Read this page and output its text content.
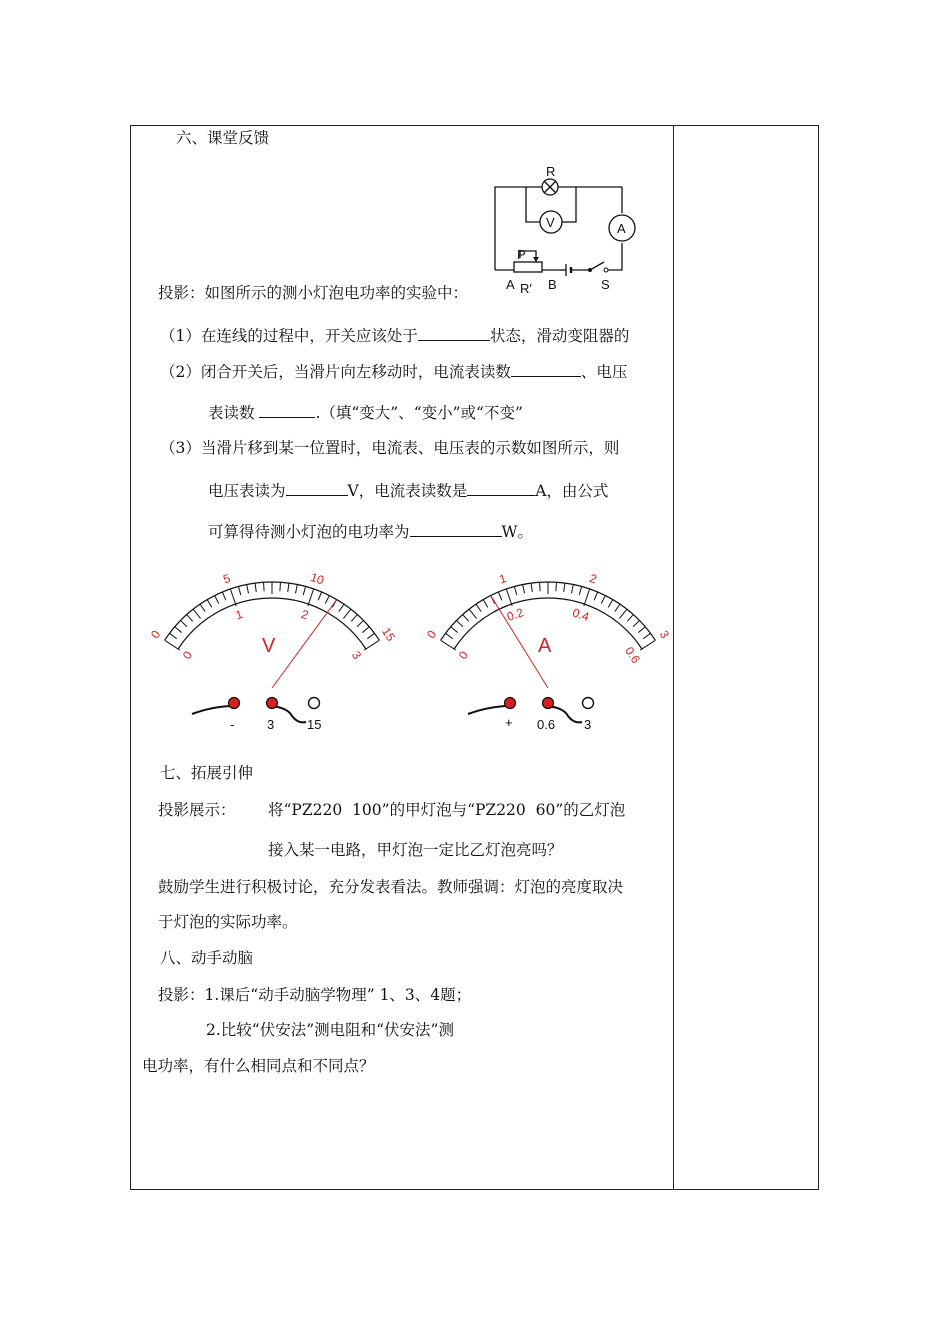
六、课堂反馈
R
V	A
P
A R′ B	S
投影：如图所示的测小灯泡电功率的实验中：
（1）在连线的过程中，开关应该处于	状态，滑动变阻器的
（2）闭合开关后，当滑片向左移动时，电流表读数	、电压
表读数	.（填“变大”、“变小”或“不变”
（3）当滑片移到某一位置时，电流表、电压表的示数如图所示，则
电压表读为	V，电流表读数是	A，由公式
可算得待测小灯泡的电功率为	W。
0
5	10
15
0
1	2
3
V
-	3	15
0
1	2
3
0
0.2	0.4
0.6
A
+ 0.6 3
七、拓展引伸
投影展示： 将“PZ220  100”的甲灯泡与“PZ220  60”的乙灯泡
接入某一电路，甲灯泡一定比乙灯泡亮吗？
鼓励学生进行积极讨论，充分发表看法。教师强调：灯泡的亮度取决
于灯泡的实际功率。
八、动手动脑
投影：1.课后“动手动脑学物理” 1、3、4题；
2.比较“伏安法”测电阻和“伏安法”测
电功率，有什么相同点和不同点？
